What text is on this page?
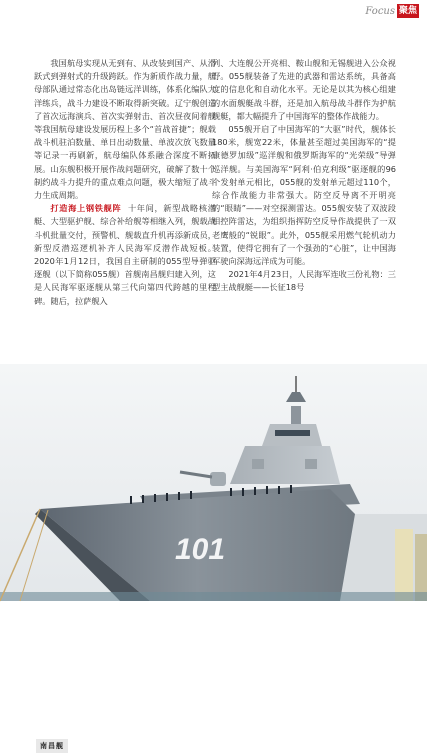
Focus 聚焦

我国航母实现从无到有、从改装到国产、从滑跃式到弹射式的升级跨跃。作为新质作战力量，航母部队通过常态化出岛链远洋训练，体系化编队大洋练兵，战斗力建设不断取得新突破。辽宁舰创造了首次远海演兵、首次实弹射击、首次昼夜间着舰等我国航母建设发展历程上多个“首战首捷”；舰载战斗机驻泊数量、单日出动数量、单波次放飞数量等记录一再刷新，航母编队体系融合深度不断拓展。山东舰积极开展作战问题研究，破解了数十个制约战斗力提升的重点难点问题，极大缩短了战斗力生成周期。

打造海上钢铁舰阵 十年间，新型战略核潜艇、大型驱护舰、综合补给舰等相继入列，舰载战斗机批量交付，预警机、舰载直升机再添新成员，新型反潜巡逻机补齐人民海军反潜作战短板。2020年1月12日，我国自主研制的055型导弹驱逐舰（以下简称055舰）首舰南昌舰归建入列，这是人民海军驱逐舰从第三代向第四代跨越的里程碑。随后，拉萨舰入

列、大连舰公开亮相、鞍山舰和无锡舰进入公众视野。055舰装备了先进的武器和雷达系统，具备高度的信息化和自动化水平。无论是以其为核心组建的水面舰艇战斗群，还是加入航母战斗群作为护航舰艇，都大幅提升了中国海军的整体作战能力。

055舰开启了中国海军的“大驱”时代，舰体长180米，舰宽22米，体量甚至超过美国海军的“提康德罗加级”巡洋舰和俄罗斯海军的“光荣级”导弹巡洋舰。与美国海军“阿利·伯克利级”驱逐舰的96个发射单元相比，055舰的发射单元超过110个，综合作战能力非常强大。防空反导离不开明亮的“眼睛”——对空探测雷达。055舰安装了双波段相控阵雷达，为组织指挥防空反导作战提供了一双老鹰般的“锐眼”。此外，055舰采用燃气轮机动力装置，使得它拥有了一个强劲的“心脏”，让中国海军驶向深海远洋成为可能。

2021年4月23日，人民海军连收三份礼物：三型主战舰艇——长征18号

101
南昌舰
